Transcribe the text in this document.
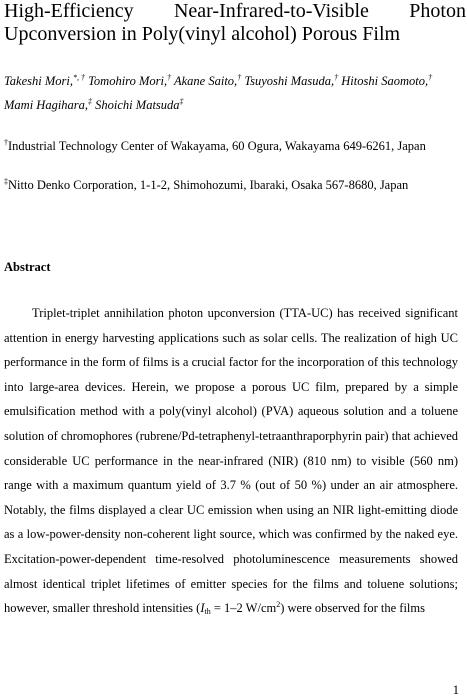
High-Efficiency Near-Infrared-to-Visible Photon Upconversion in Poly(vinyl alcohol) Porous Film
Takeshi Mori,*, † Tomohiro Mori,† Akane Saito,† Tsuyoshi Masuda,† Hitoshi Saomoto,† Mami Hagihara,‡ Shoichi Matsuda‡
†Industrial Technology Center of Wakayama, 60 Ogura, Wakayama 649-6261, Japan
‡Nitto Denko Corporation, 1-1-2, Shimohozumi, Ibaraki, Osaka 567-8680, Japan
Abstract

Triplet-triplet annihilation photon upconversion (TTA-UC) has received significant attention in energy harvesting applications such as solar cells. The realization of high UC performance in the form of films is a crucial factor for the incorporation of this technology into large-area devices. Herein, we propose a porous UC film, prepared by a simple emulsification method with a poly(vinyl alcohol) (PVA) aqueous solution and a toluene solution of chromophores (rubrene/Pd-tetraphenyl-tetraanthraporphyrin pair) that achieved considerable UC performance in the near-infrared (NIR) (810 nm) to visible (560 nm) range with a maximum quantum yield of 3.7 % (out of 50 %) under an air atmosphere. Notably, the films displayed a clear UC emission when using an NIR light-emitting diode as a low-power-density non-coherent light source, which was confirmed by the naked eye. Excitation-power-dependent time-resolved photoluminescence measurements showed almost identical triplet lifetimes of emitter species for the films and toluene solutions; however, smaller threshold intensities ($I_{th} = 1-2$ $W/cm^2$) were observed for the films

1
